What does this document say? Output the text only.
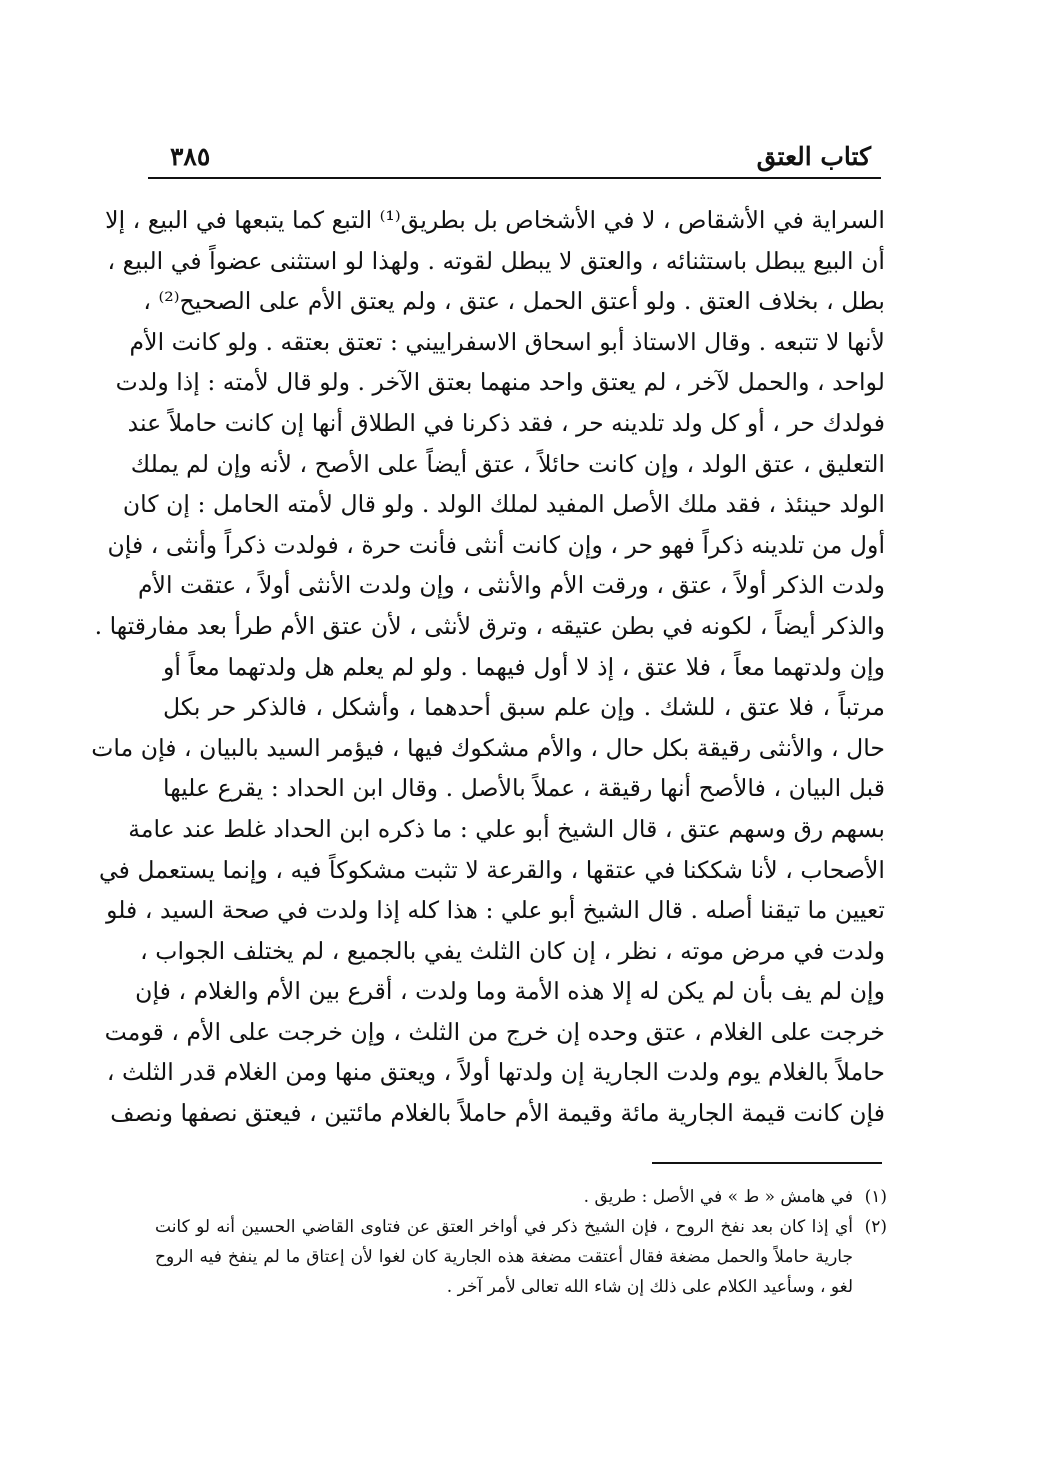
كتاب العتق
٣٨٥
السراية في الأشقاص ، لا في الأشخاص بل بطريق⁽¹⁾ التبع كما يتبعها في البيع ، إلا
أن البيع يبطل باستثنائه ، والعتق لا يبطل لقوته . ولهذا لو استثنى عضواً في البيع ،
بطل ، بخلاف العتق . ولو أعتق الحمل ، عتق ، ولم يعتق الأم على الصحيح⁽²⁾ ،
لأنها لا تتبعه . وقال الاستاذ أبو اسحاق الاسفراييني : تعتق بعتقه . ولو كانت الأم
لواحد ، والحمل لآخر ، لم يعتق واحد منهما بعتق الآخر . ولو قال لأمته : إذا ولدت
فولدك حر ، أو كل ولد تلدينه حر ، فقد ذكرنا في الطلاق أنها إن كانت حاملاً عند
التعليق ، عتق الولد ، وإن كانت حائلاً ، عتق أيضاً على الأصح ، لأنه وإن لم يملك
الولد حينئذ ، فقد ملك الأصل المفيد لملك الولد . ولو قال لأمته الحامل : إن كان
أول من تلدينه ذكراً فهو حر ، وإن كانت أنثى فأنت حرة ، فولدت ذكراً وأنثى ، فإن
ولدت الذكر أولاً ، عتق ، ورقت الأم والأنثى ، وإن ولدت الأنثى أولاً ، عتقت الأم
والذكر أيضاً ، لكونه في بطن عتيقه ، وترق لأنثى ، لأن عتق الأم طرأ بعد مفارقتها .
وإن ولدتهما معاً ، فلا عتق ، إذ لا أول فيهما . ولو لم يعلم هل ولدتهما معاً أو
مرتباً ، فلا عتق ، للشك . وإن علم سبق أحدهما ، وأشكل ، فالذكر حر بكل
حال ، والأنثى رقيقة بكل حال ، والأم مشكوك فيها ، فيؤمر السيد بالبيان ، فإن مات
قبل البيان ، فالأصح أنها رقيقة ، عملاً بالأصل . وقال ابن الحداد : يقرع عليها
بسهم رق وسهم عتق ، قال الشيخ أبو علي : ما ذكره ابن الحداد غلط عند عامة
الأصحاب ، لأنا شككنا في عتقها ، والقرعة لا تثبت مشكوكاً فيه ، وإنما يستعمل في
تعيين ما تيقنا أصله . قال الشيخ أبو علي : هذا كله إذا ولدت في صحة السيد ، فلو
ولدت في مرض موته ، نظر ، إن كان الثلث يفي بالجميع ، لم يختلف الجواب ،
وإن لم يف بأن لم يكن له إلا هذه الأمة وما ولدت ، أقرع بين الأم والغلام ، فإن
خرجت على الغلام ، عتق وحده إن خرج من الثلث ، وإن خرجت على الأم ، قومت
حاملاً بالغلام يوم ولدت الجارية إن ولدتها أولاً ، ويعتق منها ومن الغلام قدر الثلث ،
فإن كانت قيمة الجارية مائة وقيمة الأم حاملاً بالغلام مائتين ، فيعتق نصفها ونصف
(١)في هامش « ط » في الأصل : طريق .
(٢)أي إذا كان بعد نفخ الروح ، فإن الشيخ ذكر في أواخر العتق عن فتاوى القاضي الحسين أنه لو كانت
جارية حاملاً والحمل مضغة فقال أعتقت مضغة هذه الجارية كان لغوا لأن إعتاق ما لم ينفخ فيه الروح
لغو ، وسأعيد الكلام على ذلك إن شاء الله تعالى لأمر آخر .
